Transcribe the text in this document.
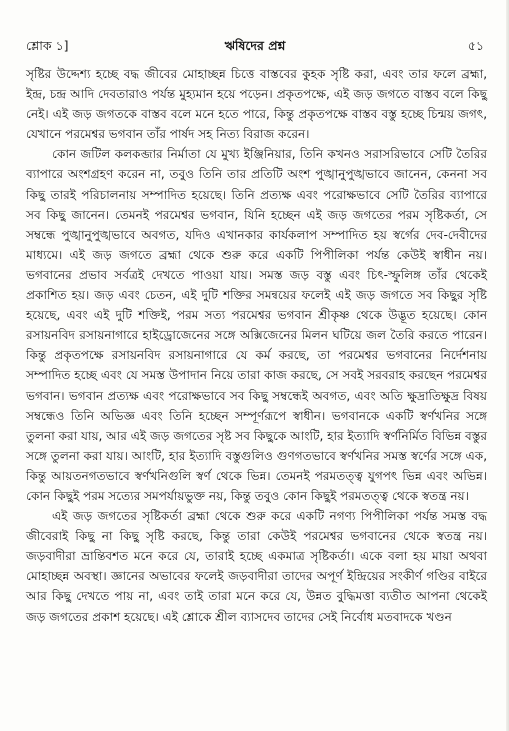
শ্লোক ১]	ঋষিদের প্রশ্ন	৫১

সৃষ্টির উদ্দেশ্য হচ্ছে বদ্ধ জীবের মোহাচ্ছন্ন চিত্তে বাস্তবের কুহক সৃষ্টি করা, এবং তার ফলে ব্রহ্মা, ইন্দ্র, চন্দ্র আদি দেবতারাও পর্যন্ত মুহ্যমান হয়ে পড়েন। প্রকৃতপক্ষে, এই জড় জগতে বাস্তব বলে কিছু নেই। এই জড় জগতকে বাস্তব বলে মনে হতে পারে, কিন্তু প্রকৃতপক্ষে বাস্তব বস্তু হচ্ছে চিন্ময় জগৎ, যেখানে পরমেশ্বর ভগবান তাঁর পার্ষদ সহ নিত্য বিরাজ করেন।

কোন জটিল কলকব্জার নির্মাতা যে মুখ্য ইঞ্জিনিয়ার, তিনি কখনও সরাসরিভাবে সেটি তৈরির ব্যাপারে অংশগ্রহণ করেন না, তবুও তিনি তার প্রতিটি অংশ পুঙ্খানুপুঙ্খভাবে জানেন, কেননা সব কিছু তারই পরিচালনায় সম্পাদিত হয়েছে। তিনি প্রত্যক্ষ এবং পরোক্ষভাবে সেটি তৈরির ব্যাপারে সব কিছু জানেন। তেমনই পরমেশ্বর ভগবান, যিনি হচ্ছেন এই জড় জগতের পরম সৃষ্টিকর্তা, সে সম্বন্ধে পুঙ্খানুপুঙ্খভাবে অবগত, যদিও এখানকার কার্যকলাপ সম্পাদিত হয় স্বর্গের দেব-দেবীদের মাধ্যমে। এই জড় জগতে ব্রহ্মা থেকে শুরু করে একটি পিপীলিকা পর্যন্ত কেউই স্বাধীন নয়। ভগবানের প্রভাব সর্বত্রই দেখতে পাওয়া যায়। সমস্ত জড় বস্তু এবং চিৎ-স্ফুলিঙ্গ তাঁর থেকেই প্রকাশিত হয়। জড় এবং চেতন, এই দুটি শক্তির সমন্বয়ের ফলেই এই জড় জগতে সব কিছুর সৃষ্টি হয়েছে, এবং এই দুটি শক্তিই, পরম সত্য পরমেশ্বর ভগবান শ্রীকৃষ্ণ থেকে উদ্ভূত হয়েছে। কোন রসায়নবিদ রসায়নাগারে হাইড্রোজেনের সঙ্গে অক্সিজেনের মিলন ঘটিয়ে জল তৈরি করতে পারেন। কিন্তু প্রকৃতপক্ষে রসায়নবিদ রসায়নাগারে যে কর্ম করছে, তা পরমেশ্বর ভগবানের নির্দেশনায় সম্পাদিত হচ্ছে এবং যে সমস্ত উপাদান নিয়ে তারা কাজ করছে, সে সবই সরবরাহ করছেন পরমেশ্বর ভগবান। ভগবান প্রত্যক্ষ এবং পরোক্ষভাবে সব কিছু সম্বন্ধেই অবগত, এবং অতি ক্ষুদ্রাতিক্ষুদ্র বিষয় সম্বন্ধেও তিনি অভিজ্ঞ এবং তিনি হচ্ছেন সম্পূর্ণরূপে স্বাধীন। ভগবানকে একটি স্বর্ণখনির সঙ্গে তুলনা করা যায়, আর এই জড় জগতের সৃষ্ট সব কিছুকে আংটি, হার ইত্যাদি স্বর্ণনির্মিত বিভিন্ন বস্তুর সঙ্গে তুলনা করা যায়। আংটি, হার ইত্যাদি বস্তুগুলিও গুণগতভাবে স্বর্ণখনির সমস্ত স্বর্ণের সঙ্গে এক, কিন্তু আয়তনগতভাবে স্বর্ণখনিগুলি স্বর্ণ থেকে ভিন্ন। তেমনই পরমতত্ত্ব যুগপৎ ভিন্ন এবং অভিন্ন। কোন কিছুই পরম সত্যের সমপর্যায়ভুক্ত নয়, কিন্তু তবুও কোন কিছুই পরমতত্ত্ব থেকে স্বতন্ত্র নয়।

এই জড় জগতের সৃষ্টিকর্তা ব্রহ্মা থেকে শুরু করে একটি নগণ্য পিপীলিকা পর্যন্ত সমস্ত বদ্ধ জীবেরাই কিছু না কিছু সৃষ্টি করছে, কিন্তু তারা কেউই পরমেশ্বর ভগবানের থেকে স্বতন্ত্র নয়। জড়বাদীরা ভ্রান্তিবশত মনে করে যে, তারাই হচ্ছে একমাত্র সৃষ্টিকর্তা। একে বলা হয় মায়া অথবা মোহাচ্ছন্ন অবস্থা। জ্ঞানের অভাবের ফলেই জড়বাদীরা তাদের অপূর্ণ ইন্দ্রিয়ের সংকীর্ণ গণ্ডির বাইরে আর কিছু দেখতে পায় না, এবং তাই তারা মনে করে যে, উন্নত বুদ্ধিমত্তা ব্যতীত আপনা থেকেই জড় জগতের প্রকাশ হয়েছে। এই শ্লোকে শ্রীল ব্যাসদেব তাদের সেই নির্বোধ মতবাদকে খণ্ডন
